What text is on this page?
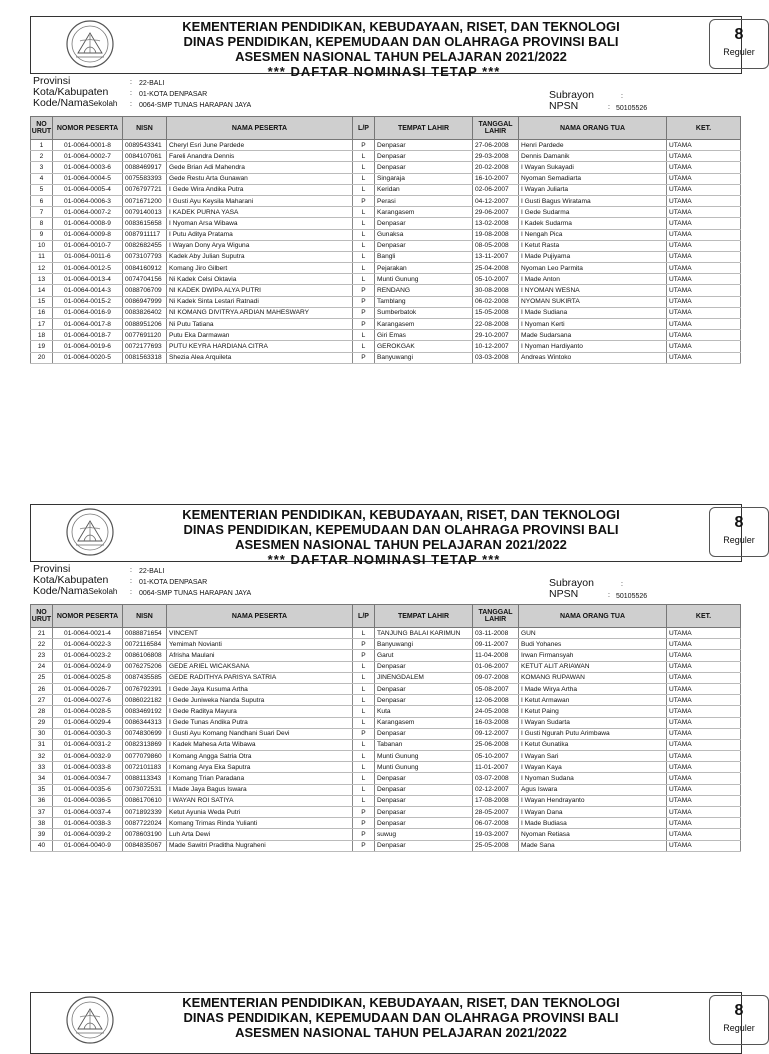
KEMENTERIAN PENDIDIKAN, KEBUDAYAAN, RISET, DAN TEKNOLOGI
DINAS PENDIDIKAN, KEPEMUDAAN DAN OLAHRAGA PROVINSI BALI
ASESMEN NASIONAL TAHUN PELAJARAN 2021/2022
8
Reguler
*** DAFTAR NOMINASI TETAP ***
Provinsi	: 22-BALI
Kota/Kabupaten	: 01-KOTA DENPASAR
Kode/NamaSekolah : 0064-SMP TUNAS HARAPAN JAYA
Subrayon	:
NPSN	: 50105526
NO
URUT	NOMOR PESERTA	NISN	NAMA PESERTA	L/P	TEMPAT LAHIR	TANGGAL
LAHIR	NAMA ORANG TUA	KET.
1	01-0064-0001-8	0089543341	Cheryl Esri June Pardede	P	Denpasar	27-06-2008	Henri Pardede	UTAMA
2	01-0064-0002-7	0084107061	Fareli Anandra Dennis	L	Denpasar	29-03-2008	Dennis Damanik	UTAMA
3	01-0064-0003-6	0088469917	Gede Brian Adi Mahendra	L	Denpasar	20-02-2008	I Wayan Sukayadi	UTAMA
4	01-0064-0004-5	0075583393	Gede Restu Arta Gunawan	L	Singaraja	16-10-2007	Nyoman Semadiarta	UTAMA
5	01-0064-0005-4	0076797721	I Gede Wira Andika Putra	L	Keridan	02-06-2007	I Wayan Juliarta	UTAMA
6	01-0064-0006-3	0071671200	I Gusti Ayu Keysila Maharani	P	Perasi	04-12-2007	I Gusti Bagus Wiratama	UTAMA
7	01-0064-0007-2	0079140013	I KADEK PURNA YASA	L	Karangasem	29-06-2007	I Gede Sudarma	UTAMA
8	01-0064-0008-9	0083615658	I Nyoman Arsa Wibawa	L	Denpasar	13-02-2008	I Kadek Sudarma	UTAMA
9	01-0064-0009-8	0087911117	I Putu Aditya Pratama	L	Gunaksa	19-08-2008	I Nengah Pica	UTAMA
10	01-0064-0010-7	0082682455	I Wayan Dony Arya Wiguna	L	Denpasar	08-05-2008	I Ketut Rasta	UTAMA
11	01-0064-0011-6	0073107793	Kadek Aby Julian Suputra	L	Bangli	13-11-2007	I Made Pujiyama	UTAMA
12	01-0064-0012-5	0084160912	Komang Jiro Gilbert	L	Pejarakan	25-04-2008	Nyoman Leo Parmita	UTAMA
13	01-0064-0013-4	0074704156	Ni Kadek Celsi Oktavia	L	Munti Gunung	05-10-2007	I Made Anton	UTAMA
14	01-0064-0014-3	0088706709	NI KADEK DWIPA ALYA PUTRI	P	RENDANG	30-08-2008	I NYOMAN WESNA	UTAMA
15	01-0064-0015-2	0086947999	Ni Kadek Sinta Lestari Ratnadi	P	Tamblang	06-02-2008	NYOMAN SUKIRTA	UTAMA
16	01-0064-0016-9	0083826402	NI KOMANG DIVITRYA ARDIAN MAHESWARY	P	Sumberbatok	15-05-2008	I Made Sudiana	UTAMA
17	01-0064-0017-8	0088951206	Ni Putu Tatiana	P	Karangasem	22-08-2008	I Nyoman Kerti	UTAMA
18	01-0064-0018-7	0077691120	Putu Eka Darmawan	L	Giri Emas	29-10-2007	Made Sudarsana	UTAMA
19	01-0064-0019-6	0072177693	PUTU KEYRA HARDIANA CITRA	L	GEROKGAK	10-12-2007	I Nyoman Hardiyanto	UTAMA
20	01-0064-0020-5	0081563318	Shezia Alea Arquileta	P	Banyuwangi	03-03-2008	Andreas Wintoko	UTAMA
KEMENTERIAN PENDIDIKAN, KEBUDAYAAN, RISET, DAN TEKNOLOGI
DINAS PENDIDIKAN, KEPEMUDAAN DAN OLAHRAGA PROVINSI BALI
ASESMEN NASIONAL TAHUN PELAJARAN 2021/2022
8
Reguler
*** DAFTAR NOMINASI TETAP ***
Provinsi	: 22-BALI
Kota/Kabupaten	: 01-KOTA DENPASAR
Kode/NamaSekolah : 0064-SMP TUNAS HARAPAN JAYA
Subrayon	:
NPSN	: 50105526
NO
URUT	NOMOR PESERTA	NISN	NAMA PESERTA	L/P	TEMPAT LAHIR	TANGGAL
LAHIR	NAMA ORANG TUA	KET.
21	01-0064-0021-4	0088871654	VINCENT	L	TANJUNG BALAI KARIMUN	03-11-2008	GUN	UTAMA
22	01-0064-0022-3	0072116584	Yemimah Novianti	P	Banyuwangi	09-11-2007	Budi Yohanes	UTAMA
23	01-0064-0023-2	0086106808	Afrisha Maulani	P	Garut	11-04-2008	Irwan Firmansyah	UTAMA
24	01-0064-0024-9	0076275206	GEDE ARIEL WICAKSANA	L	Denpasar	01-06-2007	KETUT ALIT ARIAWAN	UTAMA
25	01-0064-0025-8	0087435585	GEDE RADITHYA PARISYA SATRIA	L	JINENGDALEM	09-07-2008	KOMANG RUPAWAN	UTAMA
26	01-0064-0026-7	0076792391	I Gede Jaya Kusuma Artha	L	Denpasar	05-08-2007	I Made Wirya Artha	UTAMA
27	01-0064-0027-6	0086022182	I Gede Juniweka Nanda Suputra	L	Denpasar	12-06-2008	I Ketut Armawan	UTAMA
28	01-0064-0028-5	0083469192	I Gede Raditya Mayura	L	Kuta	24-05-2008	I Ketut Paing	UTAMA
29	01-0064-0029-4	0086344313	I Gede Tunas Andika Putra	L	Karangasem	16-03-2008	I Wayan Sudarta	UTAMA
30	01-0064-0030-3	0074830699	I Gusti Ayu Komang Nandhani Suari Devi	P	Denpasar	09-12-2007	I Gusti Ngurah Putu Arimbawa	UTAMA
31	01-0064-0031-2	0082313869	I Kadek Mahesa Arta Wibawa	L	Tabanan	25-06-2008	I Ketut Gunatika	UTAMA
32	01-0064-0032-9	0077079860	I Komang Angga Satria Otra	L	Munti Gunung	05-10-2007	I Wayan Sari	UTAMA
33	01-0064-0033-8	0072101183	I Komang Arya Eka Saputra	L	Munti Gunung	11-01-2007	I Wayan Kaya	UTAMA
34	01-0064-0034-7	0088113343	I Komang Trian Paradana	L	Denpasar	03-07-2008	I Nyoman Sudana	UTAMA
35	01-0064-0035-6	0073072531	I Made Jaya Bagus Iswara	L	Denpasar	02-12-2007	Agus Iswara	UTAMA
36	01-0064-0036-5	0086170610	I WAYAN ROI SATIYA	L	Denpasar	17-08-2008	I Wayan Hendrayanto	UTAMA
37	01-0064-0037-4	0071892339	Ketut Ayunia Weda Putri	P	Denpasar	28-05-2007	I Wayan Dana	UTAMA
38	01-0064-0038-3	0087722024	Komang Trimas Rinda Yulianti	P	Denpasar	06-07-2008	I Made Budiasa	UTAMA
39	01-0064-0039-2	0078603190	Luh Arta Dewi	P	suwug	19-03-2007	Nyoman Retiasa	UTAMA
40	01-0064-0040-9	0084835067	Made Sawitri Praditha Nugraheni	P	Denpasar	25-05-2008	Made Sana	UTAMA
KEMENTERIAN PENDIDIKAN, KEBUDAYAAN, RISET, DAN TEKNOLOGI
DINAS PENDIDIKAN, KEPEMUDAAN DAN OLAHRAGA PROVINSI BALI
ASESMEN NASIONAL TAHUN PELAJARAN 2021/2022
8
Reguler
